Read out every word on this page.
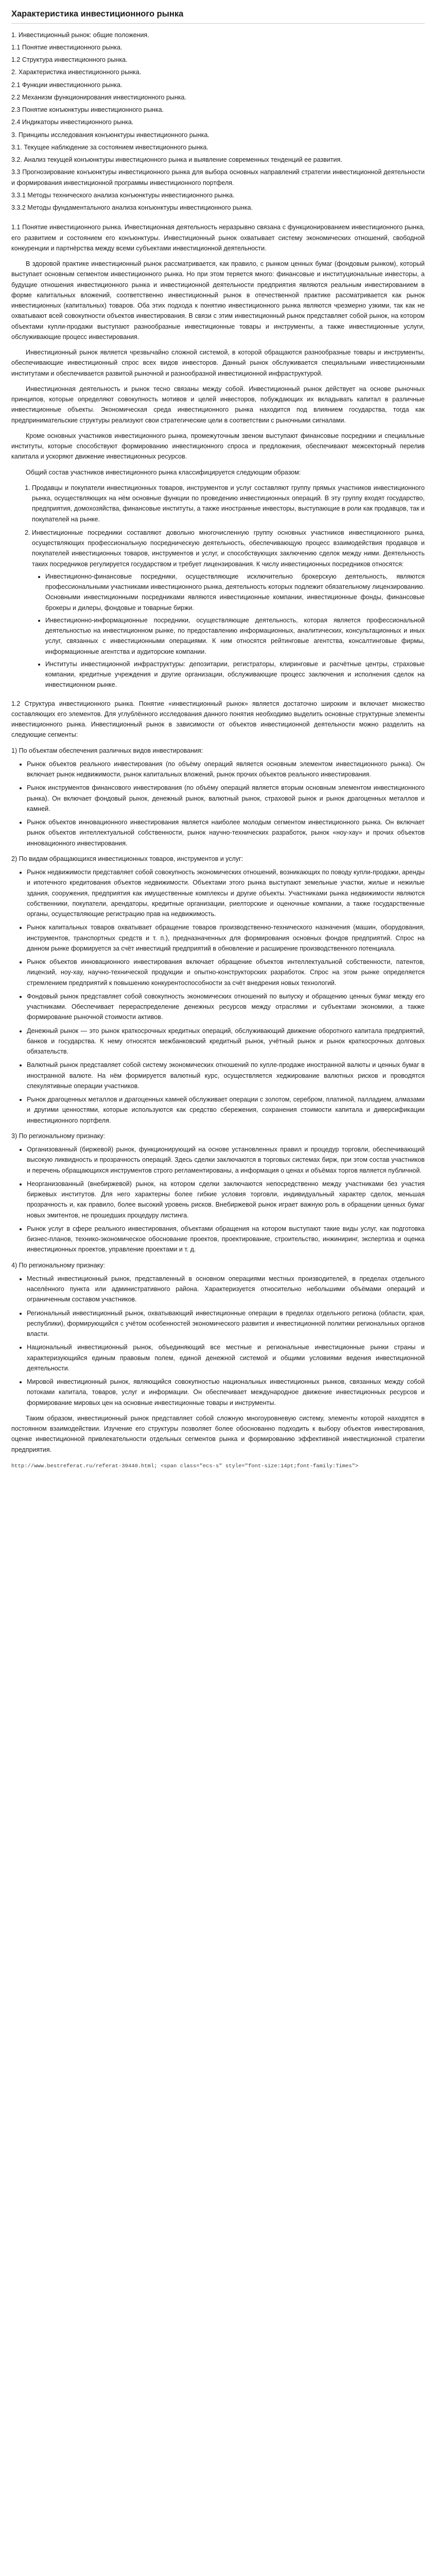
Характеристика инвестиционного рынка
1. Инвестиционный рынок: общие положения.
1.1 Понятие инвестиционного рынка.
1.2 Структура инвестиционного рынка.
2. Характеристика инвестиционного рынка.
2.1 Функции инвестиционного рынка.
2.2 Механизм функционирования инвестиционного рынка.
2.3 Понятие конъюнктуры инвестиционного рынка.
2.4 Индикаторы инвестиционного рынка.
3. Принципы исследования конъюнктуры инвестиционного рынка.
3.1. Текущее наблюдение за состоянием инвестиционного рынка.
3.2. Анализ текущей конъюнктуры инвестиционного рынка и выявление современных тенденций ее развития.
3.3 Прогнозирование конъюнктуры инвестиционного рынка для выбора основных направлений стратегии инвестиционной деятельности и формирования инвестиционной программы инвестиционного портфеля.
3.3.1 Методы технического анализа конъюнктуры инвестиционного рынка.
3.3.2 Методы фундаментального анализа конъюнктуры инвестиционного рынка.

1.1 Понятие инвестиционного рынка. Инвестиционная деятельность неразрывно связана с функционированием инвестиционного рынка, его развитием и состоянием его конъюнктуры. Инвестиционный рынок охватывает систему экономических отношений, свободной конкуренции и партнёрства между всеми субъектами инвестиционной деятельности.

В здоровой практике инвестиционный рынок рассматривается, как правило, с рынком ценных бумаг (фондовым рынком), который выступает основным сегментом инвестиционного рынка. Но при этом теряется много: финансовые и институциональные инвесторы, а будущие отношения инвестиционного рынка и инвестиционной деятельности предприятия являются реальным инвестированием в форме капитальных вложений, соответственно инвестиционный рынок в отечественной практике рассматривается как рынок инвестиционных (капитальных) товаров. Оба этих подхода к понятию инвестиционного рынка являются чрезмерно узкими, так как не охватывают всей совокупности объектов инвестирования. В связи с этим инвестиционный рынок представляет собой рынок, на котором объектами купли-продажи выступают разнообразные инвестиционные товары и инструменты, а также инвестиционные услуги, обслуживающие процесс инвестирования.

Инвестиционный рынок является чрезвычайно сложной системой, в которой обращаются разнообразные товары и инструменты, обеспечивающие инвестиционный спрос всех видов инвесторов. Данный рынок обслуживается специальными инвестиционными институтами и обеспечивается развитой рыночной и разнообразной инвестиционной инфраструктурой.

Инвестиционная деятельность и рынок тесно связаны между собой. Инвестиционный рынок действует на основе рыночных принципов, которые определяют совокупность мотивов и целей инвесторов, побуждающих их вкладывать капитал в различные инвестиционные объекты. Экономическая среда инвестиционного рынка находится под влиянием государства, тогда как предпринимательские структуры реализуют свои стратегические цели в соответствии с рыночными сигналами.

Кроме основных участников инвестиционного рынка, промежуточным звеном выступают финансовые посредники и специальные институты, которые способствуют формированию инвестиционного спроса и предложения, обеспечивают межсекторный перелив капитала и ускоряют движение инвестиционных ресурсов.

Общий состав участников инвестиционного рынка классифицируется следующим образом:

1. Продавцы и покупатели инвестиционных товаров, инструментов и услуг составляют группу прямых участников инвестиционного рынка, осуществляющих на нём основные функции по проведению инвестиционных операций. В эту группу входят государство, предприятия, домохозяйства, финансовые институты, а также иностранные инвесторы, выступающие в роли как продавцов, так и покупателей на рынке.
2. Инвестиционные посредники составляют довольно многочисленную группу основных участников инвестиционного рынка, осуществляющих профессиональную посредническую деятельность, обеспечивающую процесс взаимодействия продавцов и покупателей инвестиционных товаров, инструментов и услуг, и способствующих заключению сделок между ними. Деятельность таких посредников регулируется государством и требует лицензирования. К числу инвестиционных посредников относятся:
• Инвестиционно-финансовые посредники, осуществляющие исключительно брокерскую деятельность, являются профессиональными участниками инвестиционного рынка, деятельность которых подлежит обязательному лицензированию. Основными инвестиционными посредниками являются инвестиционные компании, инвестиционные фонды, финансовые брокеры и дилеры, фондовые и товарные биржи.
• Инвестиционно-информационные посредники, осуществляющие деятельность, которая является профессиональной деятельностью на инвестиционном рынке, по предоставлению информационных, аналитических, консультационных и иных услуг, связанных с инвестиционными операциями. К ним относятся рейтинговые агентства, консалтинговые фирмы, информационные агентства и аудиторские компании.
• Институты инвестиционной инфраструктуры: депозитарии, регистраторы, клиринговые и расчётные центры, страховые компании, кредитные учреждения и другие организации, обслуживающие процесс заключения и исполнения сделок на инвестиционном рынке.

1.2 Структура инвестиционного рынка. Понятие «инвестиционный рынок» является достаточно широким и включает множество составляющих его элементов. Для углублённого исследования данного понятия необходимо выделить основные структурные элементы инвестиционного рынка. Инвестиционный рынок в зависимости от объектов инвестиционной деятельности можно разделить на следующие сегменты:

1) По объектам обеспечения различных видов инвестирования:

• Рынок объектов реального инвестирования (по объёму операций является основным элементом инвестиционного рынка). Он включает рынок недвижимости, рынок капитальных вложений, рынок прочих объектов реального инвестирования.
• Рынок инструментов финансового инвестирования (по объёму операций является вторым основным элементом инвестиционного рынка). Он включает фондовый рынок, денежный рынок, валютный рынок, страховой рынок и рынок драгоценных металлов и камней.
• Рынок объектов инновационного инвестирования является наиболее молодым сегментом инвестиционного рынка. Он включает рынок объектов интеллектуальной собственности, рынок научно-технических разработок, рынок «ноу-хау» и прочих объектов инновационного инвестирования.

2) По видам обращающихся инвестиционных товаров, инструментов и услуг:

• Рынок недвижимости представляет собой совокупность экономических отношений, возникающих по поводу купли-продажи, аренды и ипотечного кредитования объектов недвижимости. Объектами этого рынка выступают земельные участки, жилые и нежилые здания, сооружения, предприятия как имущественные комплексы и другие объекты. Участниками рынка недвижимости являются собственники, покупатели, арендаторы, кредитные организации, риелторские и оценочные компании, а также государственные органы, осуществляющие регистрацию прав на недвижимость.
• Рынок капитальных товаров охватывает обращение товаров производственно-технического назначения (машин, оборудования, инструментов, транспортных средств и т. п.), предназначенных для формирования основных фондов предприятий. Спрос на данном рынке формируется за счёт инвестиций предприятий в обновление и расширение производственного потенциала.
• Рынок объектов инновационного инвестирования включает обращение объектов интеллектуальной собственности, патентов, лицензий, ноу-хау, научно-технической продукции и опытно-конструкторских разработок. Спрос на этом рынке определяется стремлением предприятий к повышению конкурентоспособности за счёт внедрения новых технологий.
• Фондовый рынок представляет собой совокупность экономических отношений по выпуску и обращению ценных бумаг между его участниками. Обеспечивает перераспределение денежных ресурсов между отраслями и субъектами экономики, а также формирование рыночной стоимости активов.
• Денежный рынок — это рынок краткосрочных кредитных операций, обслуживающий движение оборотного капитала предприятий, банков и государства. К нему относятся межбанковский кредитный рынок, учётный рынок и рынок краткосрочных долговых обязательств.
• Валютный рынок представляет собой систему экономических отношений по купле-продаже иностранной валюты и ценных бумаг в иностранной валюте. На нём формируется валютный курс, осуществляется хеджирование валютных рисков и проводятся спекулятивные операции участников.
• Рынок драгоценных металлов и драгоценных камней обслуживает операции с золотом, серебром, платиной, палладием, алмазами и другими ценностями, которые используются как средство сбережения, сохранения стоимости капитала и диверсификации инвестиционного портфеля.

3) По региональному признаку:

• Организованный (биржевой) рынок, функционирующий на основе установленных правил и процедур торговли, обеспечивающий высокую ликвидность и прозрачность операций. Здесь сделки заключаются в торговых системах бирж, при этом состав участников и перечень обращающихся инструментов строго регламентированы, а информация о ценах и объёмах торгов является публичной.
• Неорганизованный (внебиржевой) рынок, на котором сделки заключаются непосредственно между участниками без участия биржевых институтов. Для него характерны более гибкие условия торговли, индивидуальный характер сделок, меньшая прозрачность и, как правило, более высокий уровень рисков. Внебиржевой рынок играет важную роль в обращении ценных бумаг новых эмитентов, не прошедших процедуру листинга.
• Рынок услуг в сфере реального инвестирования, объектами обращения на котором выступают такие виды услуг, как подготовка бизнес-планов, технико-экономическое обоснование проектов, проектирование, строительство, инжиниринг, экспертиза и оценка инвестиционных проектов, управление проектами и т. д.

4) По региональному признаку:

• Местный инвестиционный рынок, представленный в основном операциями местных производителей, в пределах отдельного населённого пункта или административного района. Характеризуется относительно небольшими объёмами операций и ограниченным составом участников.
• Региональный инвестиционный рынок, охватывающий инвестиционные операции в пределах отдельного региона (области, края, республики), формирующийся с учётом особенностей экономического развития и инвестиционной политики региональных органов власти.
• Национальный инвестиционный рынок, объединяющий все местные и региональные инвестиционные рынки страны и характеризующийся единым правовым полем, единой денежной системой и общими условиями ведения инвестиционной деятельности.
• Мировой инвестиционный рынок, являющийся совокупностью национальных инвестиционных рынков, связанных между собой потоками капитала, товаров, услуг и информации. Он обеспечивает международное движение инвестиционных ресурсов и формирование мировых цен на основные инвестиционные товары и инструменты.

Таким образом, инвестиционный рынок представляет собой сложную многоуровневую систему, элементы которой находятся в постоянном взаимодействии. Изучение его структуры позволяет более обоснованно подходить к выбору объектов инвестирования, оценке инвестиционной привлекательности отдельных сегментов рынка и формированию эффективной инвестиционной стратегии предприятия.

http://www.bestreferat.ru/referat-39440.html; <span class="ecs-s" style="font-size:14pt;font-family:Times">
